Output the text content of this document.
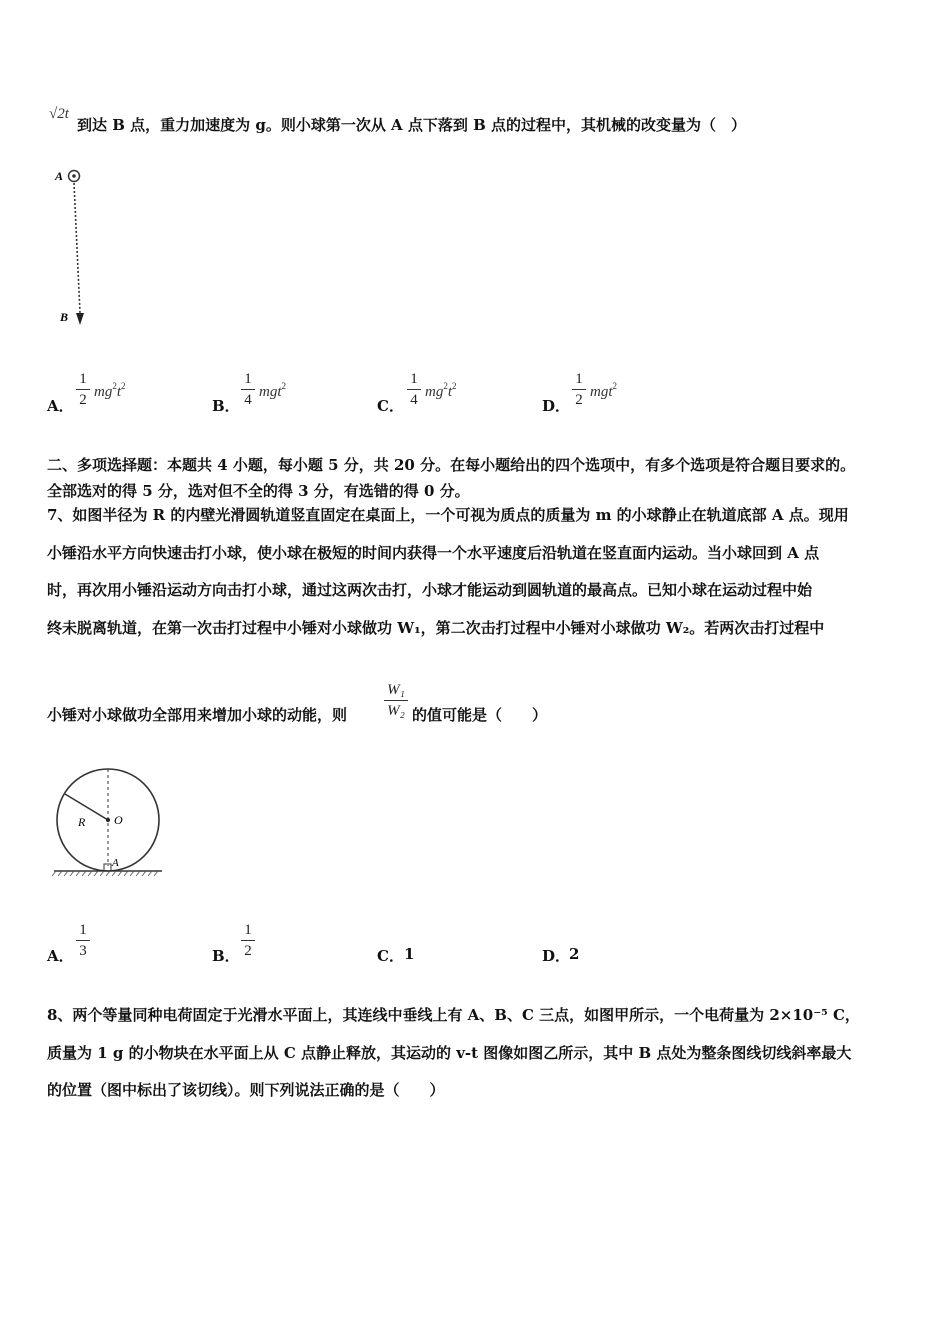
√2t
到达 B 点，重力加速度为 g。则小球第一次从 A 点下落到 B 点的过程中，其机械的改变量为（　）
A
B
A．
1
2 $mg^2t^2$
B．
1
4 mgt$^2$
C．
1
4 $mg^2t^2$
D．
1
2 mgt$^2$
二、多项选择题：本题共 4 小题，每小题 5 分，共 20 分。在每小题给出的四个选项中，有多个选项是符合题目要求的。
全部选对的得 5 分，选对但不全的得 3 分，有选错的得 0 分。
7、如图半径为 R 的内壁光滑圆轨道竖直固定在桌面上，一个可视为质点的质量为 m 的小球静止在轨道底部 A 点。现用
小锤沿水平方向快速击打小球，使小球在极短的时间内获得一个水平速度后沿轨道在竖直面内运动。当小球回到 A 点
时，再次用小锤沿运动方向击打小球，通过这两次击打，小球才能运动到圆轨道的最高点。已知小球在运动过程中始
终未脱离轨道，在第一次击打过程中小锤对小球做功 W₁，第二次击打过程中小锤对小球做功 W₂。若两次击打过程中
小锤对小球做功全部用来增加小球的动能，则
W₁
W₂ 的值可能是（　　）
R O
A
A．
1
3	B．
1
2	C． 1	D．
2
8、两个等量同种电荷固定于光滑水平面上，其连线中垂线上有 A、B、C 三点，如图甲所示，一个电荷量为 2×10⁻⁵ C，
质量为 1 g 的小物块在水平面上从 C 点静止释放，其运动的 v-t 图像如图乙所示，其中 B 点处为整条图线切线斜率最大
的位置（图中标出了该切线）。则下列说法正确的是（　　）
